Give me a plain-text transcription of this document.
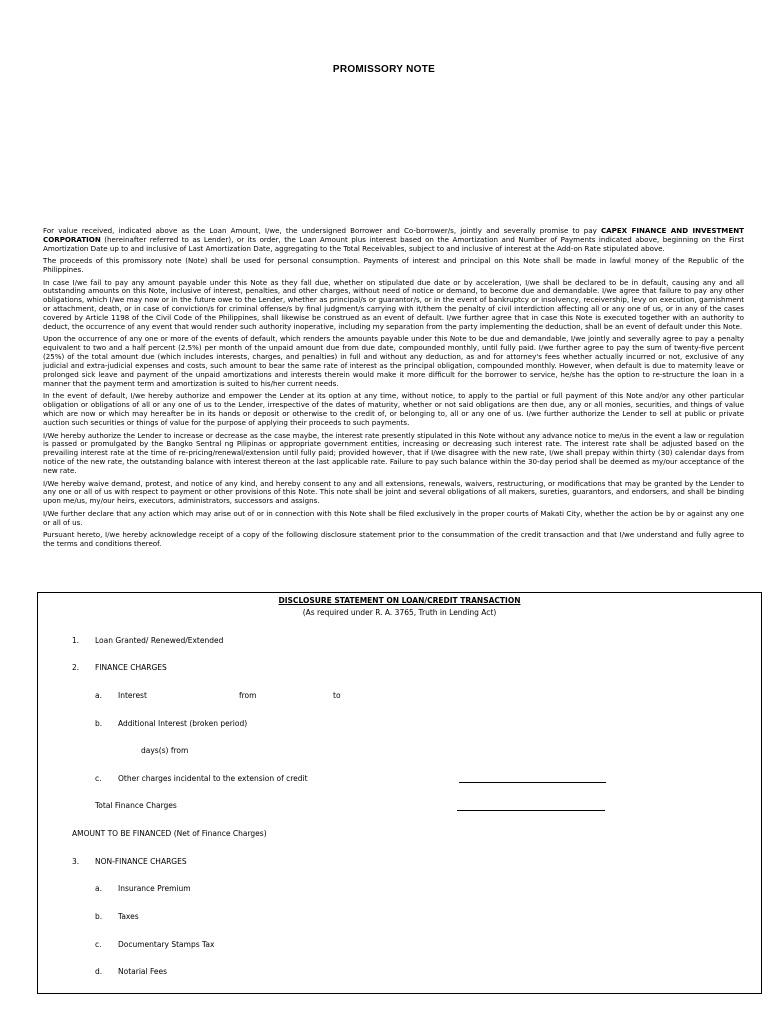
PROMISSORY NOTE

For value received, indicated above as the Loan Amount, I/we, the undersigned Borrower and Co-borrower/s, jointly and severally promise to pay CAPEX FINANCE AND INVESTMENT CORPORATION (hereinafter referred to as Lender), or its order, the Loan Amount plus interest based on the Amortization and Number of Payments indicated above, beginning on the First Amortization Date up to and inclusive of Last Amortization Date, aggregating to the Total Receivables, subject to and inclusive of interest at the Add-on Rate stipulated above.

The proceeds of this promissory note (Note) shall be used for personal consumption. Payments of interest and principal on this Note shall be made in lawful money of the Republic of the Philippines.

In case I/we fail to pay any amount payable under this Note as they fall due, whether on stipulated due date or by acceleration, I/we shall be declared to be in default, causing any and all outstanding amounts on this Note, inclusive of interest, penalties, and other charges, without need of notice or demand, to become due and demandable. I/we agree that failure to pay any other obligations, which I/we may now or in the future owe to the Lender, whether as principal/s or guarantor/s, or in the event of bankruptcy or insolvency, receivership, levy on execution, garnishment or attachment, death, or in case of conviction/s for criminal offense/s by final judgment/s carrying with it/them the penalty of civil interdiction affecting all or any one of us, or in any of the cases covered by Article 1198 of the Civil Code of the Philippines, shall likewise be construed as an event of default. I/we further agree that in case this Note is executed together with an authority to deduct, the occurrence of any event that would render such authority inoperative, including my separation from the party implementing the deduction, shall be an event of default under this Note.

Upon the occurrence of any one or more of the events of default, which renders the amounts payable under this Note to be due and demandable, I/we jointly and severally agree to pay a penalty equivalent to two and a half percent (2.5%) per month of the unpaid amount due from due date, compounded monthly, until fully paid. I/we further agree to pay the sum of twenty-five percent (25%) of the total amount due (which includes interests, charges, and penalties) in full and without any deduction, as and for attorney's fees whether actually incurred or not, exclusive of any judicial and extra-judicial expenses and costs, such amount to bear the same rate of interest as the principal obligation, compounded monthly. However, when default is due to maternity leave or prolonged sick leave and payment of the unpaid amortizations and interests therein would make it more difficult for the borrower to service, he/she has the option to re-structure the loan in a manner that the payment term and amortization is suited to his/her current needs.

In the event of default, I/we hereby authorize and empower the Lender at its option at any time, without notice, to apply to the partial or full payment of this Note and/or any other particular obligation or obligations of all or any one of us to the Lender, irrespective of the dates of maturity, whether or not said obligations are then due, any or all monies, securities, and things of value which are now or which may hereafter be in its hands or deposit or otherwise to the credit of, or belonging to, all or any one of us. I/we further authorize the Lender to sell at public or private auction such securities or things of value for the purpose of applying their proceeds to such payments.

I/We hereby authorize the Lender to increase or decrease as the case maybe, the interest rate presently stipulated in this Note without any advance notice to me/us in the event a law or regulation is passed or promulgated by the Bangko Sentral ng Pilipinas or appropriate government entities, increasing or decreasing such interest rate. The interest rate shall be adjusted based on the prevailing interest rate at the time of re-pricing/renewal/extension until fully paid; provided however, that if I/we disagree with the new rate, I/we shall prepay within thirty (30) calendar days from notice of the new rate, the outstanding balance with interest thereon at the last applicable rate. Failure to pay such balance within the 30-day period shall be deemed as my/our acceptance of the new rate.

I/We hereby waive demand, protest, and notice of any kind, and hereby consent to any and all extensions, renewals, waivers, restructuring, or modifications that may be granted by the Lender to any one or all of us with respect to payment or other provisions of this Note. This note shall be joint and several obligations of all makers, sureties, guarantors, and endorsers, and shall be binding upon me/us, my/our heirs, executors, administrators, successors and assigns.

I/We further declare that any action which may arise out of or in connection with this Note shall be filed exclusively in the proper courts of Makati City, whether the action be by or against any one or all of us.

Pursuant hereto, I/we hereby acknowledge receipt of a copy of the following disclosure statement prior to the consummation of the credit transaction and that I/we understand and fully agree to the terms and conditions thereof.

DISCLOSURE STATEMENT ON LOAN/CREDIT TRANSACTION
(As required under R. A. 3765, Truth in Lending Act)
1. Loan Granted/ Renewed/Extended
2. FINANCE CHARGES
a. Interest	from	to
b. Additional Interest (broken period)
days(s) from
c. Other charges incidental to the extension of credit
Total Finance Charges
AMOUNT TO BE FINANCED (Net of Finance Charges)
3. NON-FINANCE CHARGES
a. Insurance Premium
b. Taxes
c. Documentary Stamps Tax
d. Notarial Fees
